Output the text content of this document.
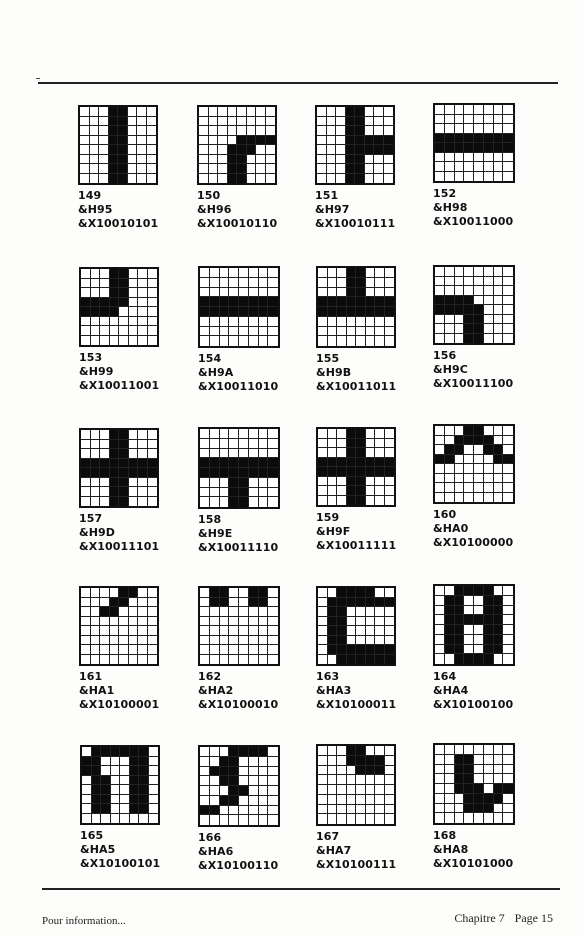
149
&H95
&X10010101
150
&H96
&X10010110
151
&H97
&X10010111
152
&H98
&X10011000
153
&H99
&X10011001
154
&H9A
&X10011010
155
&H9B
&X10011011
156
&H9C
&X10011100
157
&H9D
&X10011101
158
&H9E
&X10011110
159
&H9F
&X10011111
160
&HA0
&X10100000
161
&HA1
&X10100001
162
&HA2
&X10100010
163
&HA3
&X10100011
164
&HA4
&X10100100
165
&HA5
&X10100101
166
&HA6
&X10100110
167
&HA7
&X10100111
168
&HA8
&X10101000
Pour information...	Chapitre 7 Page 15
